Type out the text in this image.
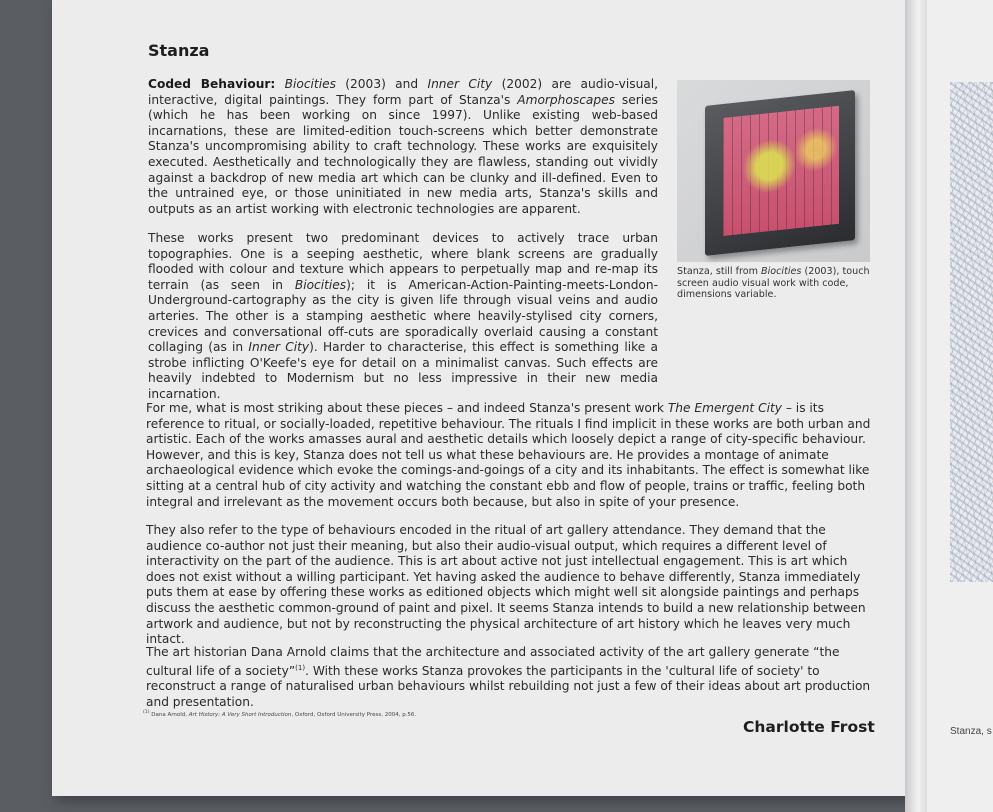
Stanza, s
Stanza

Coded Behaviour: Biocities (2003) and Inner City (2002) are audio-visual, interactive, digital paintings. They form part of Stanza's Amorphoscapes series (which he has been working on since 1997). Unlike existing web-based incarnations, these are limited-edition touch-screens which better demonstrate Stanza's uncompromising ability to craft technology. These works are exquisitely executed. Aesthetically and technologically they are flawless, standing out vividly against a backdrop of new media art which can be clunky and ill-defined. Even to the untrained eye, or those uninitiated in new media arts, Stanza's skills and outputs as an artist working with electronic technologies are apparent.

These works present two predominant devices to actively trace urban topographies. One is a seeping aesthetic, where blank screens are gradually flooded with colour and texture which appears to perpetually map and re-map its terrain (as seen in Biocities); it is American-Action-Painting-meets-London-Underground-cartography as the city is given life through visual veins and audio arteries. The other is a stamping aesthetic where heavily-stylised city corners, crevices and conversational off-cuts are sporadically overlaid causing a constant collaging (as in Inner City). Harder to characterise, this effect is something like a strobe inflicting O'Keefe's eye for detail on a minimalist canvas. Such effects are heavily indebted to Modernism but no less impressive in their new media incarnation.

For me, what is most striking about these pieces – and indeed Stanza's present work The Emergent City – is its reference to ritual, or socially-loaded, repetitive behaviour. The rituals I find implicit in these works are both urban and artistic. Each of the works amasses aural and aesthetic details which loosely depict a range of city-specific behaviour. However, and this is key, Stanza does not tell us what these behaviours are. He provides a montage of animate archaeological evidence which evoke the comings-and-goings of a city and its inhabitants. The effect is somewhat like sitting at a central hub of city activity and watching the constant ebb and flow of people, trains or traffic, feeling both integral and irrelevant as the movement occurs both because, but also in spite of your presence.

They also refer to the type of behaviours encoded in the ritual of art gallery attendance. They demand that the audience co-author not just their meaning, but also their audio-visual output, which requires a different level of interactivity on the part of the audience. This is art about active not just intellectual engagement. This is art which does not exist without a willing participant. Yet having asked the audience to behave differently, Stanza immediately puts them at ease by offering these works as editioned objects which might well sit alongside paintings and perhaps discuss the aesthetic common-ground of paint and pixel. It seems Stanza intends to build a new relationship between artwork and audience, but not by reconstructing the physical architecture of art history which he leaves very much intact.

The art historian Dana Arnold claims that the architecture and associated activity of the art gallery generate “the cultural life of a society”$^{(1)}$. With these works Stanza provokes the participants in the 'cultural life of society' to reconstruct a range of naturalised urban behaviours whilst rebuilding not just a few of their ideas about art production and presentation.

Stanza, still from Biocities (2003), touch screen audio visual work with code, dimensions variable.

$^{(1)}$ Dana Arnold, Art History: A Very Short Introduction, Oxford, Oxford University Press, 2004, p.56.
Charlotte Frost
